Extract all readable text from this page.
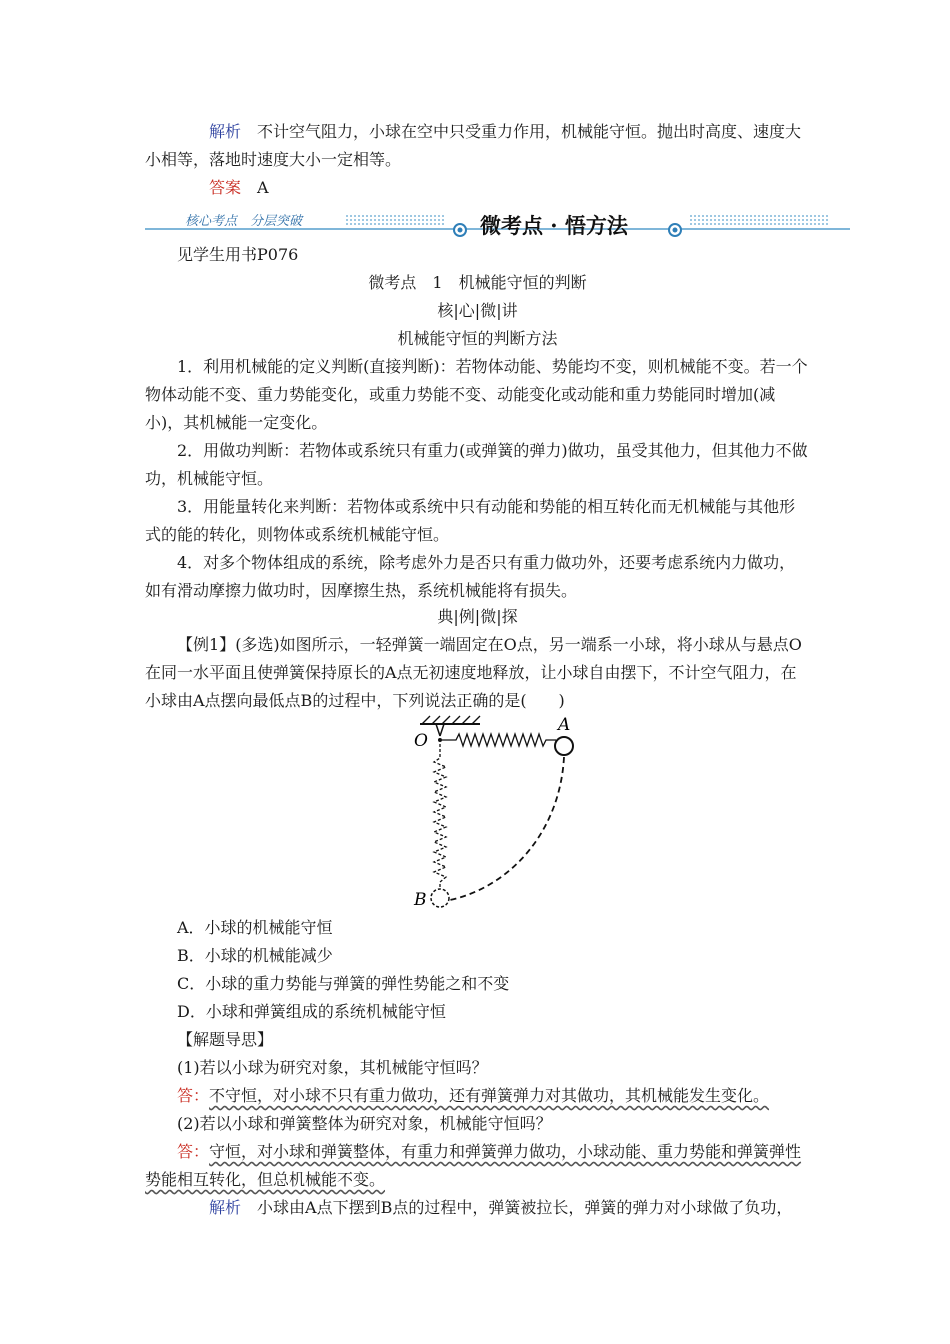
解析 不计空气阻力，小球在空中只受重力作用，机械能守恒。抛出时高度、速度大小相等，落地时速度大小一定相等。

答案 A

核心考点　分层突破	微考点 · 悟方法

见学生用书P076

微考点　1　机械能守恒的判断

核|心|微|讲

机械能守恒的判断方法

1．利用机械能的定义判断(直接判断)：若物体动能、势能均不变，则机械能不变。若一个物体动能不变、重力势能变化，或重力势能不变、动能变化或动能和重力势能同时增加(减小)，其机械能一定变化。

2．用做功判断：若物体或系统只有重力(或弹簧的弹力)做功，虽受其他力，但其他力不做功，机械能守恒。

3．用能量转化来判断：若物体或系统中只有动能和势能的相互转化而无机械能与其他形式的能的转化，则物体或系统机械能守恒。

4．对多个物体组成的系统，除考虑外力是否只有重力做功外，还要考虑系统内力做功，如有滑动摩擦力做功时，因摩擦生热，系统机械能将有损失。

典|例|微|探

【例1】(多选)如图所示，一轻弹簧一端固定在O点，另一端系一小球，将小球从与悬点O在同一水平面且使弹簧保持原长的A点无初速度地释放，让小球自由摆下，不计空气阻力，在小球由A点摆向最低点B的过程中，下列说法正确的是(　　)

O
A
B

A．小球的机械能守恒

B．小球的机械能减少

C．小球的重力势能与弹簧的弹性势能之和不变

D．小球和弹簧组成的系统机械能守恒

【解题导思】

(1)若以小球为研究对象，其机械能守恒吗？

答：不守恒，对小球不只有重力做功，还有弹簧弹力对其做功，其机械能发生变化。

(2)若以小球和弹簧整体为研究对象，机械能守恒吗？

答：守恒，对小球和弹簧整体，有重力和弹簧弹力做功，小球动能、重力势能和弹簧弹性势能相互转化，但总机械能不变。

解析 小球由A点下摆到B点的过程中，弹簧被拉长，弹簧的弹力对小球做了负功，
